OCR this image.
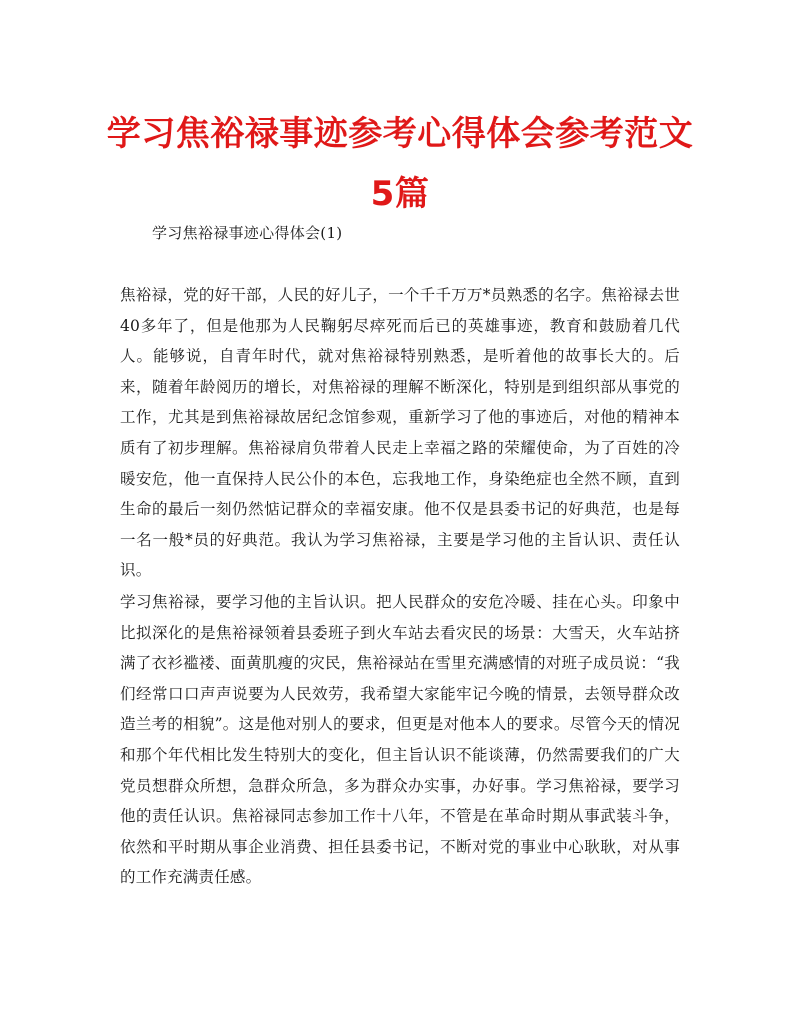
学习焦裕禄事迹参考心得体会参考范文5篇
学习焦裕禄事迹心得体会(1)

焦裕禄，党的好干部，人民的好儿子，一个千千万万*员熟悉的名字。焦裕禄去世40多年了，但是他那为人民鞠躬尽瘁死而后已的英雄事迹，教育和鼓励着几代人。能够说，自青年时代，就对焦裕禄特别熟悉，是听着他的故事长大的。后来，随着年龄阅历的增长，对焦裕禄的理解不断深化，特别是到组织部从事党的工作，尤其是到焦裕禄故居纪念馆参观，重新学习了他的事迹后，对他的精神本质有了初步理解。焦裕禄肩负带着人民走上幸福之路的荣耀使命，为了百姓的冷暖安危，他一直保持人民公仆的本色，忘我地工作，身染绝症也全然不顾，直到生命的最后一刻仍然惦记群众的幸福安康。他不仅是县委书记的好典范，也是每一名一般*员的好典范。我认为学习焦裕禄，主要是学习他的主旨认识、责任认识。

学习焦裕禄，要学习他的主旨认识。把人民群众的安危冷暖、挂在心头。印象中比拟深化的是焦裕禄领着县委班子到火车站去看灾民的场景：大雪天，火车站挤满了衣衫褴褛、面黄肌瘦的灾民，焦裕禄站在雪里充满感情的对班子成员说：“我们经常口口声声说要为人民效劳，我希望大家能牢记今晚的情景，去领导群众改造兰考的相貌”。这是他对别人的要求，但更是对他本人的要求。尽管今天的情况和那个年代相比发生特别大的变化，但主旨认识不能谈薄，仍然需要我们的广大党员想群众所想，急群众所急，多为群众办实事，办好事。学习焦裕禄，要学习他的责任认识。焦裕禄同志参加工作十八年，不管是在革命时期从事武装斗争，依然和平时期从事企业消费、担任县委书记，不断对党的事业中心耿耿，对从事的工作充满责任感。
